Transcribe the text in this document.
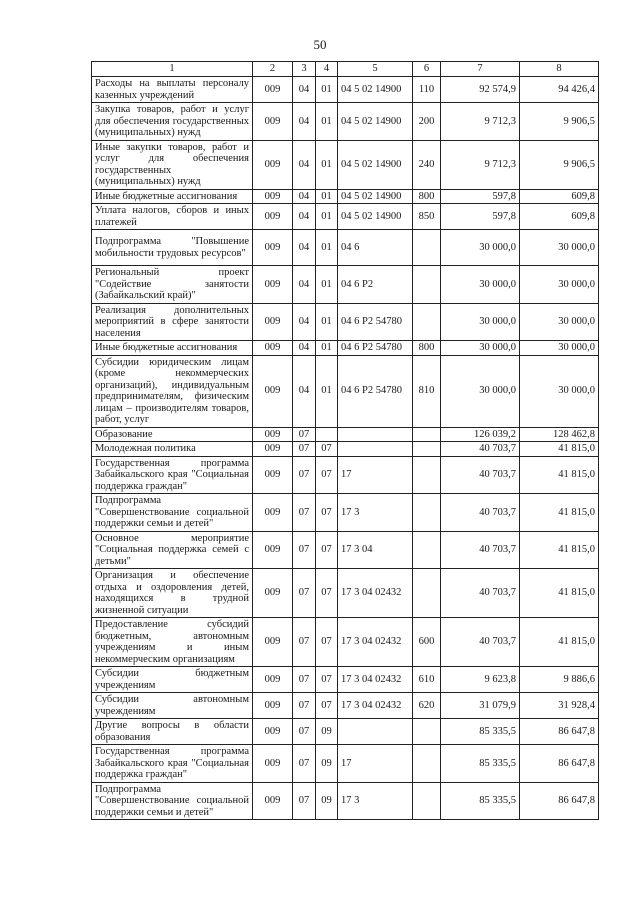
50
1	2	3	4	5	6	7	8
Расходы на выплаты персоналу казенных учреждений	009	04	01	04 5 02 14900	110	92 574,9	94 426,4
Закупка товаров, работ и услуг для обеспечения государственных (муниципальных) нужд	009	04	01	04 5 02 14900	200	9 712,3	9 906,5
Иные закупки товаров, работ и услуг для обеспечения государственных (муниципальных) нужд	009	04	01	04 5 02 14900	240	9 712,3	9 906,5
Иные бюджетные ассигнования	009	04	01	04 5 02 14900	800	597,8	609,8
Уплата налогов, сборов и иных платежей	009	04	01	04 5 02 14900	850	597,8	609,8
Подпрограмма "Повышение мобильности трудовых ресурсов"	009	04	01	04 6		30 000,0	30 000,0
Региональный проект "Содействие занятости (Забайкальский край)"	009	04	01	04 6 P2		30 000,0	30 000,0
Реализация дополнительных мероприятий в сфере занятости населения	009	04	01	04 6 P2 54780		30 000,0	30 000,0
Иные бюджетные ассигнования	009	04	01	04 6 P2 54780	800	30 000,0	30 000,0
Субсидии юридическим лицам (кроме некоммерческих организаций), индивидуальным предпринимателям, физическим лицам – производителям товаров, работ, услуг	009	04	01	04 6 P2 54780	810	30 000,0	30 000,0
Образование	009	07				126 039,2	128 462,8
Молодежная политика	009	07	07			40 703,7	41 815,0
Государственная программа Забайкальского края "Социальная поддержка граждан"	009	07	07	17		40 703,7	41 815,0
Подпрограмма "Совершенствование социальной поддержки семьи и детей"	009	07	07	17 3		40 703,7	41 815,0
Основное мероприятие "Социальная поддержка семей с детьми"	009	07	07	17 3 04		40 703,7	41 815,0
Организация и обеспечение отдыха и оздоровления детей, находящихся в трудной жизненной ситуации	009	07	07	17 3 04 02432		40 703,7	41 815,0
Предоставление субсидий бюджетным, автономным учреждениям и иным некоммерческим организациям	009	07	07	17 3 04 02432	600	40 703,7	41 815,0
Субсидии бюджетным учреждениям	009	07	07	17 3 04 02432	610	9 623,8	9 886,6
Субсидии автономным учреждениям	009	07	07	17 3 04 02432	620	31 079,9	31 928,4
Другие вопросы в области образования	009	07	09			85 335,5	86 647,8
Государственная программа Забайкальского края "Социальная поддержка граждан"	009	07	09	17		85 335,5	86 647,8
Подпрограмма "Совершенствование социальной поддержки семьи и детей"	009	07	09	17 3		85 335,5	86 647,8
